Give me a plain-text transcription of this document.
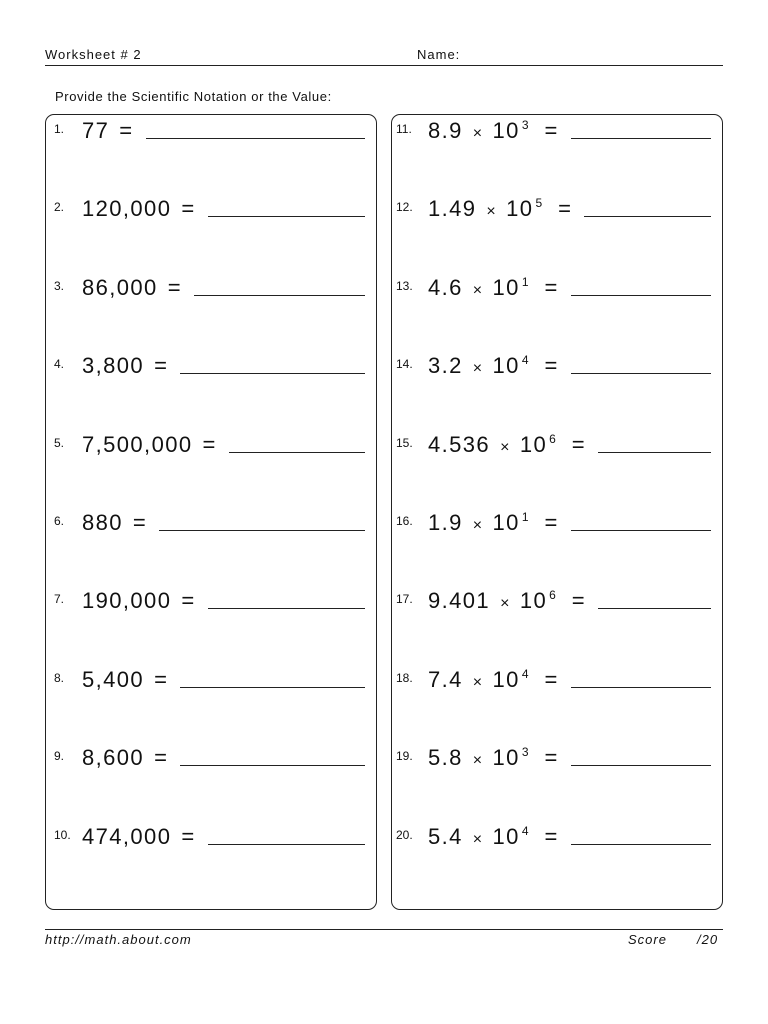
Worksheet # 2	Name:
Provide the Scientific Notation or the Value:
1. 77 =
2. 120,000 =
3. 86,000 =
4. 3,800 =
5. 7,500,000 =
6. 880 =
7. 190,000 =
8. 5,400 =
9. 8,600 =
10. 474,000 =
11. 8.9 × 10 $^3$ =
12. 1.49 × 10 $^5$ =
13. 4.6 × 10 $^1$ =
14. 3.2 × 10 $^4$ =
15. 4.536 × 10 $^6$ =
16. 1.9 × 10 $^1$ =
17. 9.401 × 10 $^6$ =
18. 7.4 × 10 $^4$ =
19. 5.8 × 10 $^3$ =
20. 5.4 × 10 $^4$ =
http://math.about.com	Score /20
